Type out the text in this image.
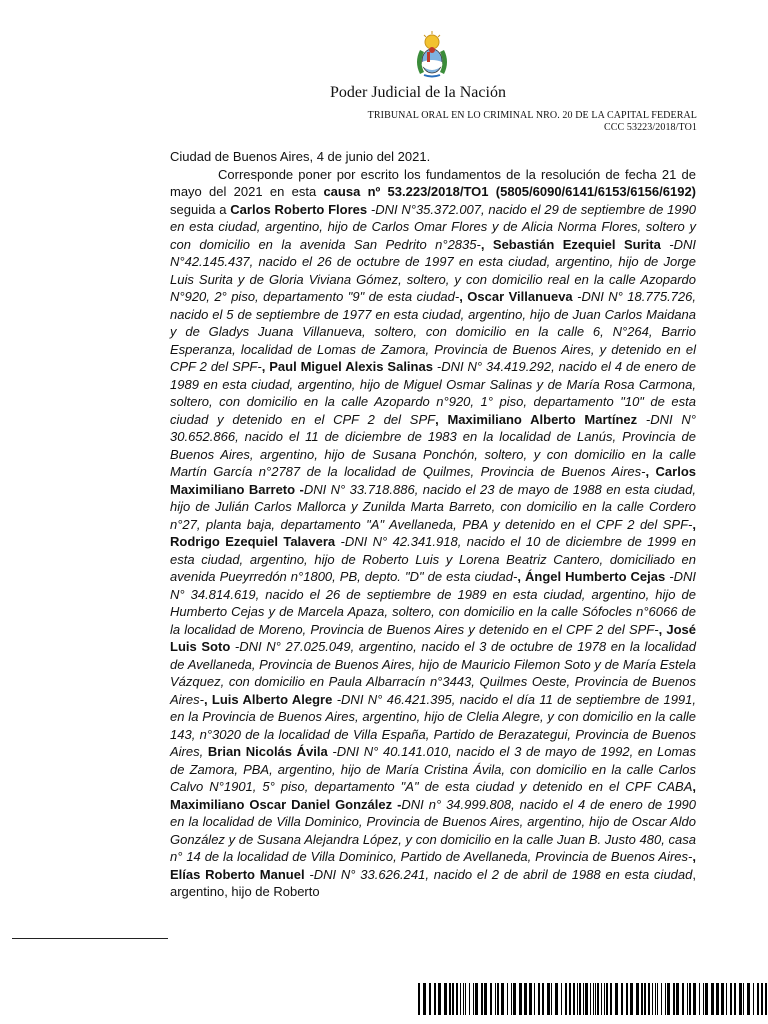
Poder Judicial de la Nación
TRIBUNAL ORAL EN LO CRIMINAL NRO. 20 DE LA CAPITAL FEDERAL
CCC 53223/2018/TO1

Ciudad de Buenos Aires, 4 de junio del 2021.

Corresponde poner por escrito los fundamentos de la resolución de fecha 21 de mayo del 2021 en esta causa nº 53.223/2018/TO1 (5805/6090/6141/6153/6156/6192) seguida a Carlos Roberto Flores -DNI N°35.372.007, nacido el 29 de septiembre de 1990 en esta ciudad, argentino, hijo de Carlos Omar Flores y de Alicia Norma Flores, soltero y con domicilio en la avenida San Pedrito n°2835-, Sebastián Ezequiel Surita -DNI N°42.145.437, nacido el 26 de octubre de 1997 en esta ciudad, argentino, hijo de Jorge Luis Surita y de Gloria Viviana Gómez, soltero, y con domicilio real en la calle Azopardo N°920, 2° piso, departamento "9" de esta ciudad-, Oscar Villanueva -DNI N° 18.775.726, nacido el 5 de septiembre de 1977 en esta ciudad, argentino, hijo de Juan Carlos Maidana y de Gladys Juana Villanueva, soltero, con domicilio en la calle 6, N°264, Barrio Esperanza, localidad de Lomas de Zamora, Provincia de Buenos Aires, y detenido en el CPF 2 del SPF-, Paul Miguel Alexis Salinas -DNI N° 34.419.292, nacido el 4 de enero de 1989 en esta ciudad, argentino, hijo de Miguel Osmar Salinas y de María Rosa Carmona, soltero, con domicilio en la calle Azopardo n°920, 1° piso, departamento "10" de esta ciudad y detenido en el CPF 2 del SPF, Maximiliano Alberto Martínez -DNI N° 30.652.866, nacido el 11 de diciembre de 1983 en la localidad de Lanús, Provincia de Buenos Aires, argentino, hijo de Susana Ponchón, soltero, y con domicilio en la calle Martín García n°2787 de la localidad de Quilmes, Provincia de Buenos Aires-, Carlos Maximiliano Barreto -DNI N° 33.718.886, nacido el 23 de mayo de 1988 en esta ciudad, hijo de Julián Carlos Mallorca y Zunilda Marta Barreto, con domicilio en la calle Cordero n°27, planta baja, departamento "A" Avellaneda, PBA y detenido en el CPF 2 del SPF-, Rodrigo Ezequiel Talavera -DNI N° 42.341.918, nacido el 10 de diciembre de 1999 en esta ciudad, argentino, hijo de Roberto Luis y Lorena Beatriz Cantero, domiciliado en avenida Pueyrredón n°1800, PB, depto. "D" de esta ciudad-, Ángel Humberto Cejas -DNI N° 34.814.619, nacido el 26 de septiembre de 1989 en esta ciudad, argentino, hijo de Humberto Cejas y de Marcela Apaza, soltero, con domicilio en la calle Sófocles n°6066 de la localidad de Moreno, Provincia de Buenos Aires y detenido en el CPF 2 del SPF-, José Luis Soto -DNI N° 27.025.049, argentino, nacido el 3 de octubre de 1978 en la localidad de Avellaneda, Provincia de Buenos Aires, hijo de Mauricio Filemon Soto y de María Estela Vázquez, con domicilio en Paula Albarracín n°3443, Quilmes Oeste, Provincia de Buenos Aires-, Luis Alberto Alegre -DNI N° 46.421.395, nacido el día 11 de septiembre de 1991, en la Provincia de Buenos Aires, argentino, hijo de Clelia Alegre, y con domicilio en la calle 143, n°3020 de la localidad de Villa España, Partido de Berazategui, Provincia de Buenos Aires, Brian Nicolás Ávila -DNI N° 40.141.010, nacido el 3 de mayo de 1992, en Lomas de Zamora, PBA, argentino, hijo de María Cristina Ávila, con domicilio en la calle Carlos Calvo N°1901, 5° piso, departamento "A" de esta ciudad y detenido en el CPF CABA, Maximiliano Oscar Daniel González -DNI n° 34.999.808, nacido el 4 de enero de 1990 en la localidad de Villa Dominico, Provincia de Buenos Aires, argentino, hijo de Oscar Aldo González y de Susana Alejandra López, y con domicilio en la calle Juan B. Justo 480, casa n° 14 de la localidad de Villa Dominico, Partido de Avellaneda, Provincia de Buenos Aires-, Elías Roberto Manuel -DNI N° 33.626.241, nacido el 2 de abril de 1988 en esta ciudad, argentino, hijo de Roberto
